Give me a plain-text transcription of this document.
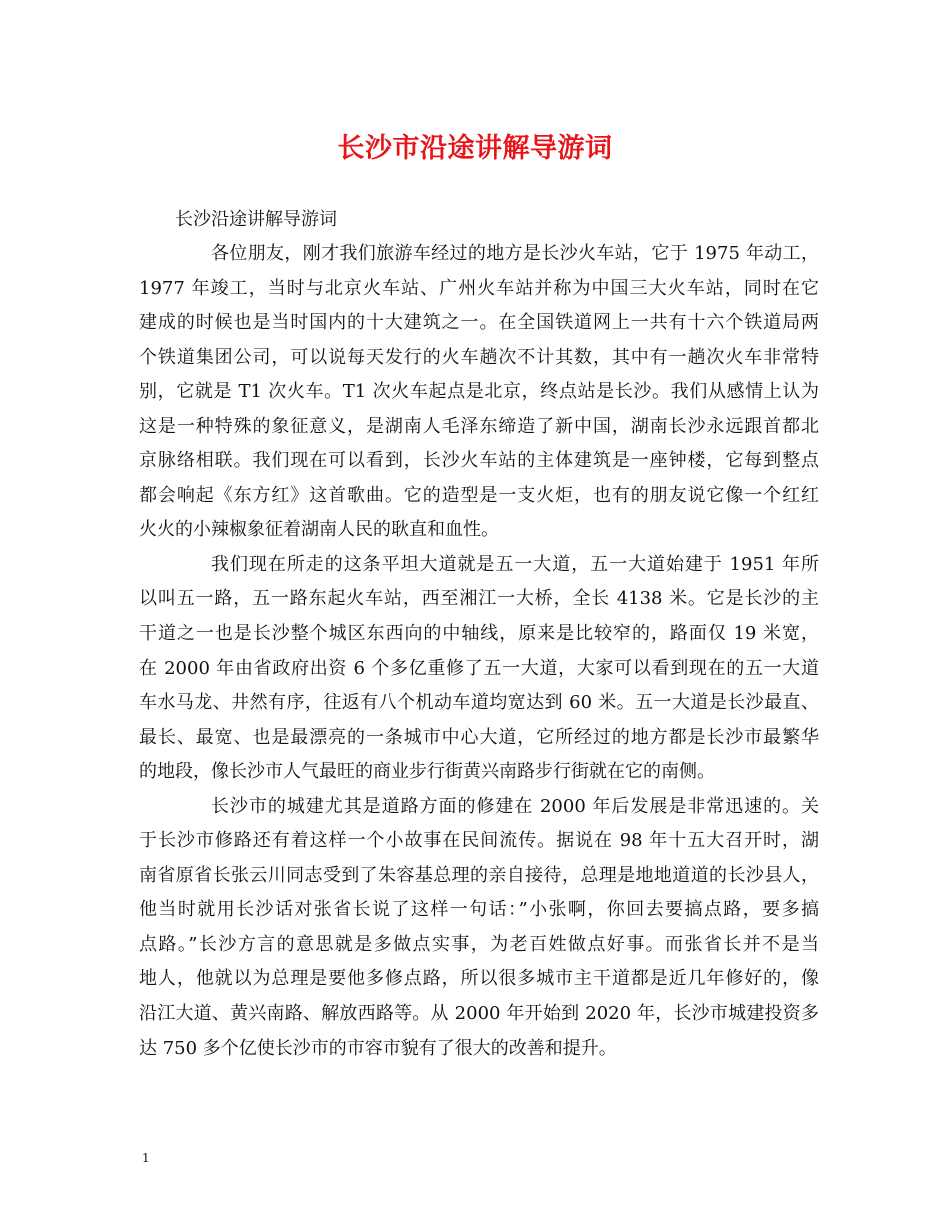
长沙市沿途讲解导游词
长沙沿途讲解导游词
各位朋友，刚才我们旅游车经过的地方是长沙火车站，它于 1975 年动工，
1977 年竣工，当时与北京火车站、广州火车站并称为中国三大火车站，同时在它
建成的时候也是当时国内的十大建筑之一。在全国铁道网上一共有十六个铁道局两
个铁道集团公司，可以说每天发行的火车趟次不计其数，其中有一趟次火车非常特
别，它就是 T1 次火车。T1 次火车起点是北京，终点站是长沙。我们从感情上认为
这是一种特殊的象征意义，是湖南人毛泽东缔造了新中国，湖南长沙永远跟首都北
京脉络相联。我们现在可以看到，长沙火车站的主体建筑是一座钟楼，它每到整点
都会响起《东方红》这首歌曲。它的造型是一支火炬，也有的朋友说它像一个红红
火火的小辣椒象征着湖南人民的耿直和血性。
我们现在所走的这条平坦大道就是五一大道，五一大道始建于 1951 年所
以叫五一路，五一路东起火车站，西至湘江一大桥，全长 4138 米。它是长沙的主
干道之一也是长沙整个城区东西向的中轴线，原来是比较窄的，路面仅 19 米宽，
在 2000 年由省政府出资 6 个多亿重修了五一大道，大家可以看到现在的五一大道
车水马龙、井然有序，往返有八个机动车道均宽达到 60 米。五一大道是长沙最直、
最长、最宽、也是最漂亮的一条城市中心大道，它所经过的地方都是长沙市最繁华
的地段，像长沙市人气最旺的商业步行街黄兴南路步行街就在它的南侧。
长沙市的城建尤其是道路方面的修建在 2000 年后发展是非常迅速的。关
于长沙市修路还有着这样一个小故事在民间流传。据说在 98 年十五大召开时，湖
南省原省长张云川同志受到了朱容基总理的亲自接待，总理是地地道道的长沙县人，
他当时就用长沙话对张省长说了这样一句话：”小张啊，你回去要搞点路，要多搞
点路。”长沙方言的意思就是多做点实事，为老百姓做点好事。而张省长并不是当
地人，他就以为总理是要他多修点路，所以很多城市主干道都是近几年修好的，像
沿江大道、黄兴南路、解放西路等。从 2000 年开始到 2020 年，长沙市城建投资多
达 750 多个亿使长沙市的市容市貌有了很大的改善和提升。
1
